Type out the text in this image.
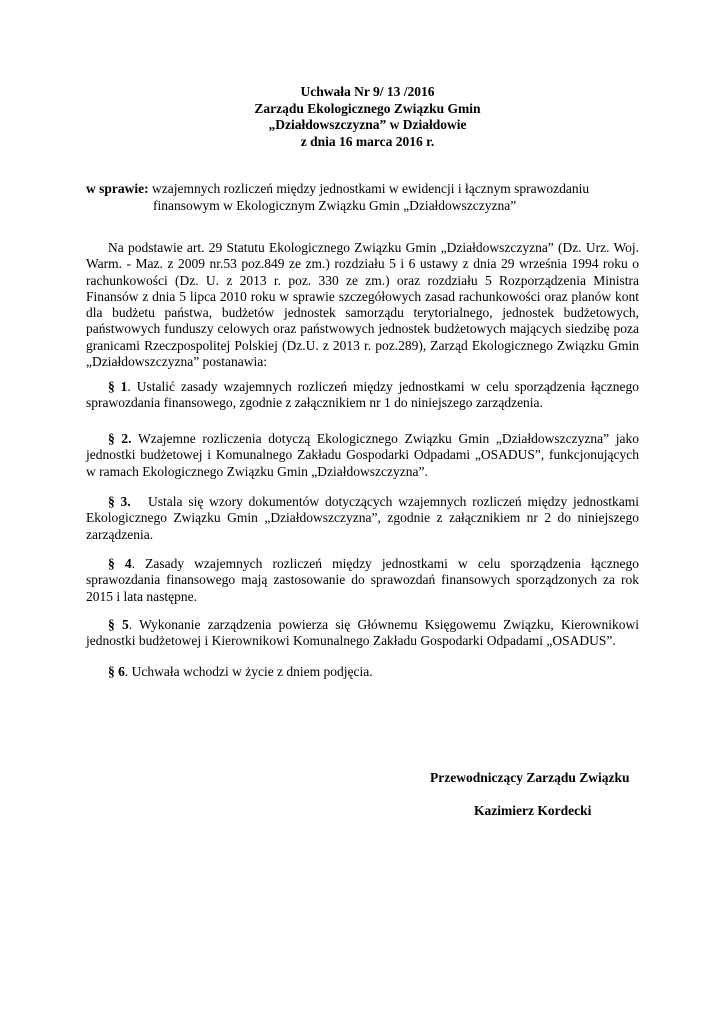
Uchwała Nr 9/ 13 /2016
Zarządu Ekologicznego Związku Gmin
„Działdowszczyzna” w Działdowie
z dnia 16 marca 2016 r.
w sprawie: wzajemnych rozliczeń między jednostkami w ewidencji i łącznym sprawozdaniu
finansowym w Ekologicznym Związku Gmin „Działdowszczyzna”

Na podstawie art. 29 Statutu Ekologicznego Związku Gmin „Działdowszczyzna” (Dz. Urz. Woj. Warm. - Maz. z 2009 nr.53 poz.849 ze zm.) rozdziału 5 i 6 ustawy z dnia 29 września 1994 roku o rachunkowości (Dz. U. z 2013 r. poz. 330 ze zm.) oraz rozdziału 5 Rozporządzenia Ministra Finansów z dnia 5 lipca 2010 roku w sprawie szczegółowych zasad rachunkowości oraz planów kont dla budżetu państwa, budżetów jednostek samorządu terytorialnego, jednostek budżetowych, państwowych funduszy celowych oraz państwowych jednostek budżetowych mających siedzibę poza granicami Rzeczpospolitej Polskiej (Dz.U. z 2013 r. poz.289), Zarząd Ekologicznego Związku Gmin „Działdowszczyzna” postanawia:

§ 1. Ustalić zasady wzajemnych rozliczeń między jednostkami w celu sporządzenia łącznego sprawozdania finansowego, zgodnie z załącznikiem nr 1 do niniejszego zarządzenia.

§ 2. Wzajemne rozliczenia dotyczą Ekologicznego Związku Gmin „Działdowszczyzna” jako jednostki budżetowej i Komunalnego Zakładu Gospodarki Odpadami „OSADUS”, funkcjonujących w ramach Ekologicznego Związku Gmin „Działdowszczyzna”.

§ 3.   Ustala się wzory dokumentów dotyczących wzajemnych rozliczeń między jednostkami Ekologicznego Związku Gmin „Działdowszczyzna”, zgodnie z załącznikiem nr 2 do niniejszego zarządzenia.

§ 4. Zasady wzajemnych rozliczeń między jednostkami w celu sporządzenia łącznego sprawozdania finansowego mają zastosowanie do sprawozdań finansowych sporządzonych za rok 2015 i lata następne.

§ 5. Wykonanie zarządzenia powierza się Głównemu Księgowemu Związku, Kierownikowi jednostki budżetowej i Kierownikowi Komunalnego Zakładu Gospodarki Odpadami „OSADUS”.

§ 6. Uchwała wchodzi w życie z dniem podjęcia.

Przewodniczący Zarządu Związku
Kazimierz Kordecki
